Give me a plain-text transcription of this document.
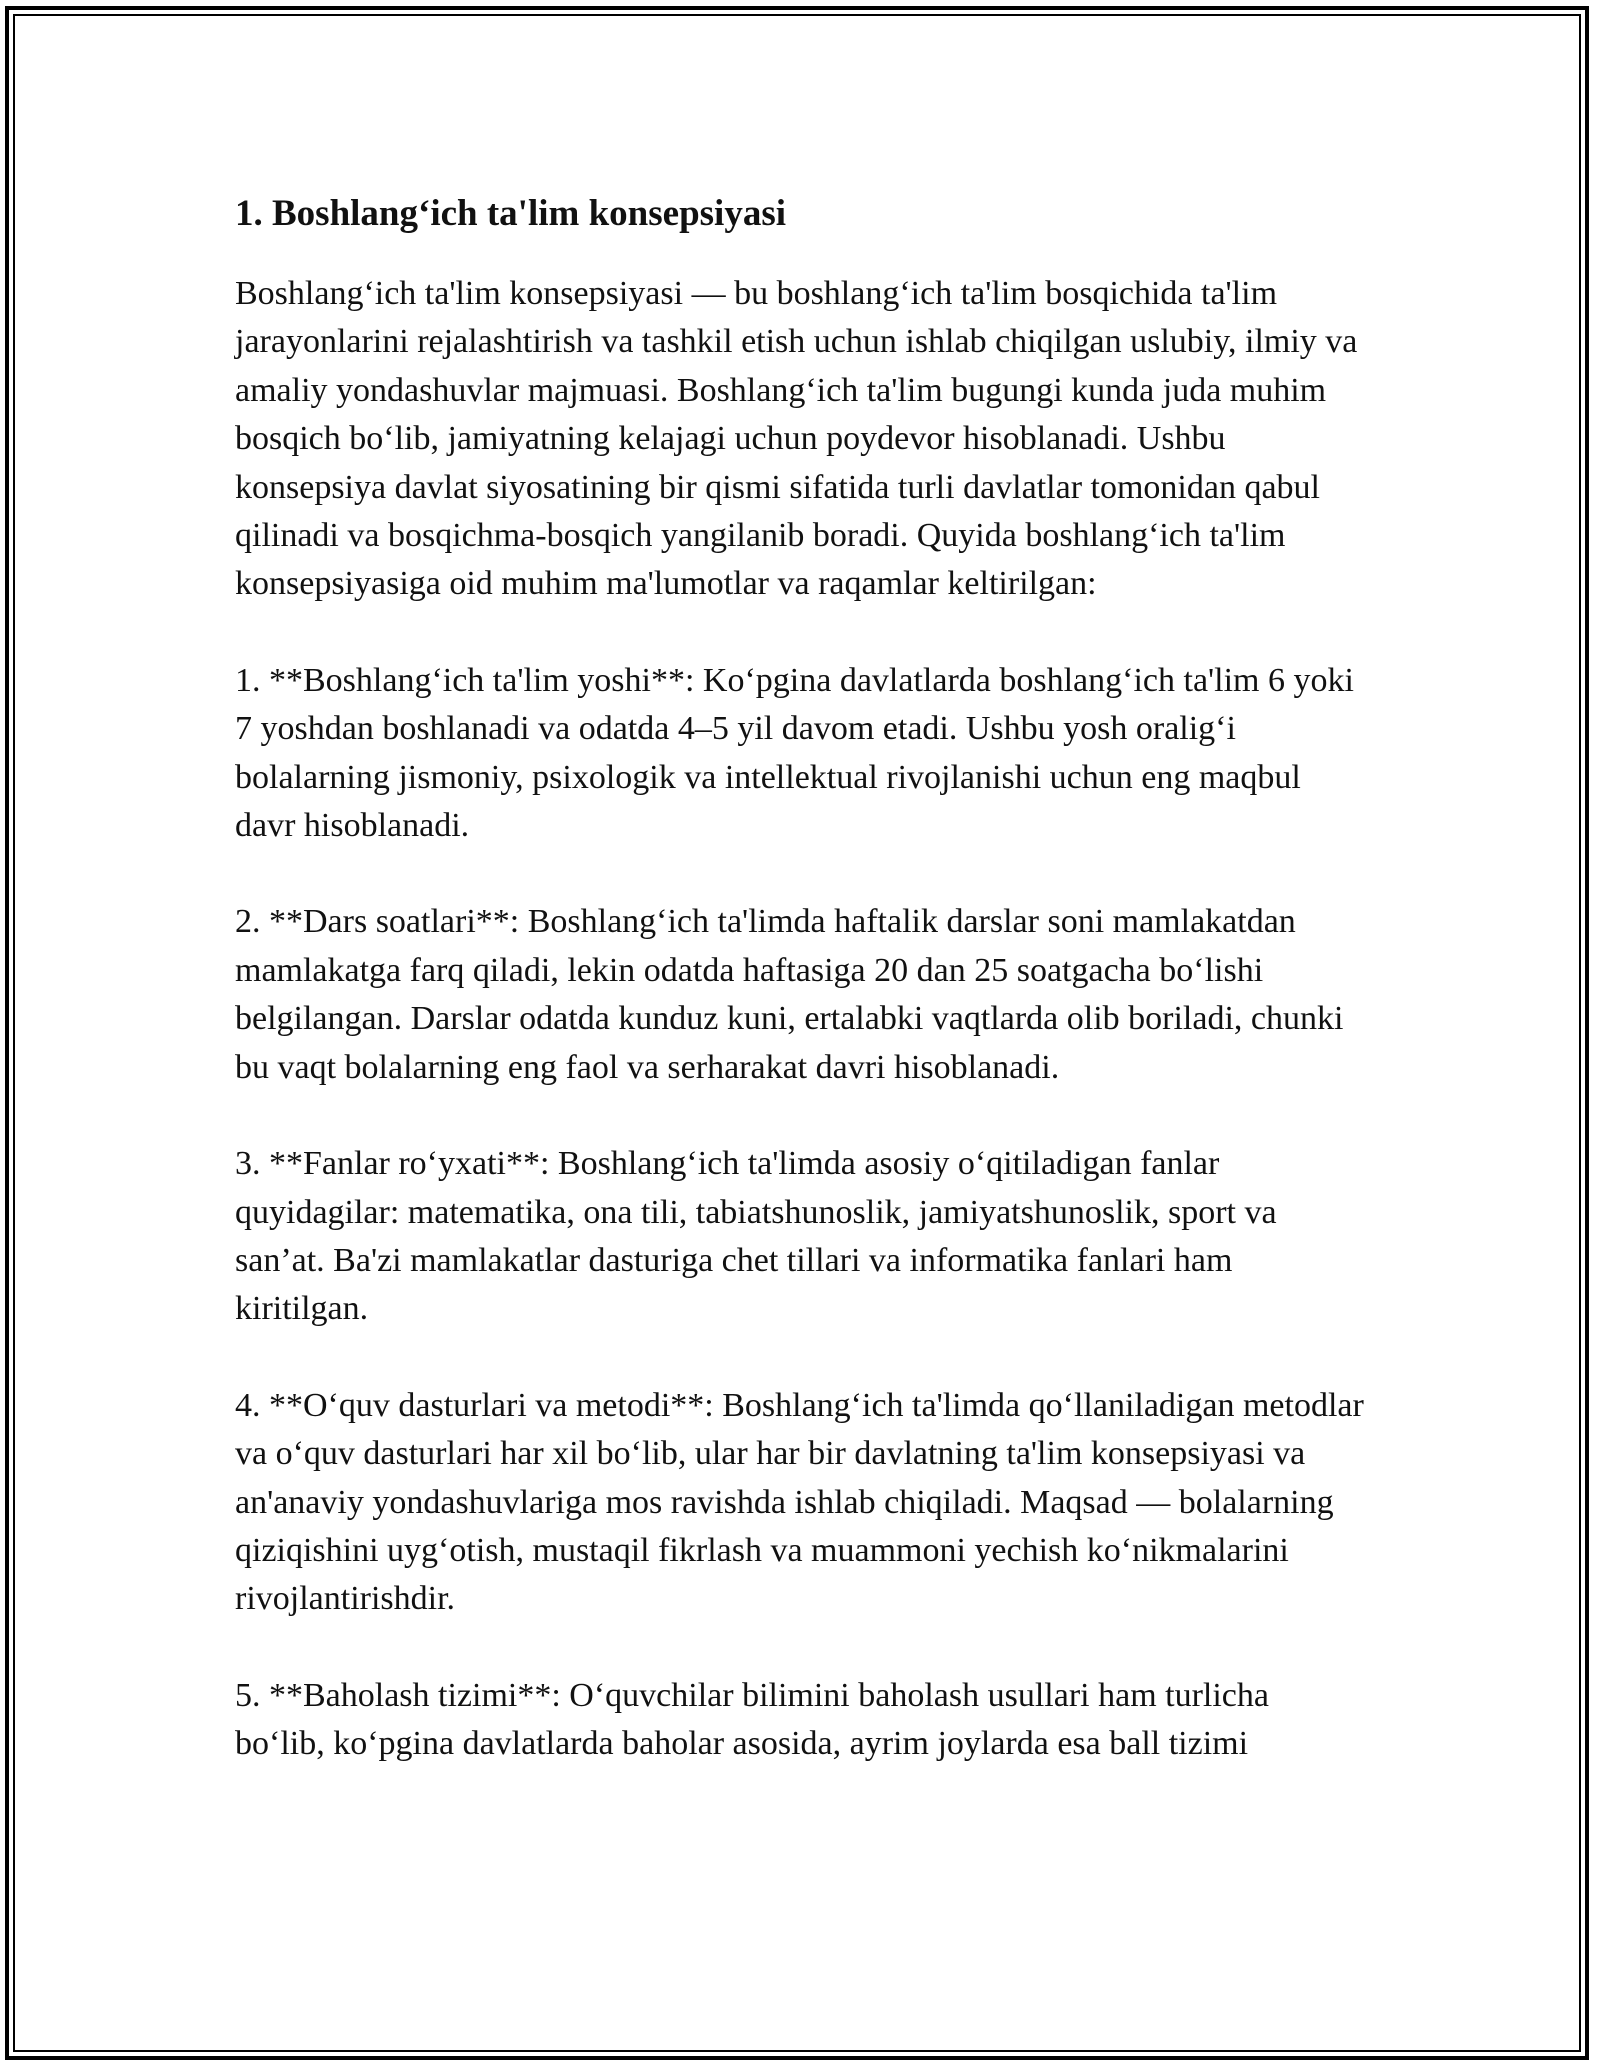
1. Boshlang‘ich ta'lim konsepsiyasi

Boshlang‘ich ta'lim konsepsiyasi — bu boshlang‘ich ta'lim bosqichida ta'lim jarayonlarini rejalashtirish va tashkil etish uchun ishlab chiqilgan uslubiy, ilmiy va amaliy yondashuvlar majmuasi. Boshlang‘ich ta'lim bugungi kunda juda muhim bosqich bo‘lib, jamiyatning kelajagi uchun poydevor hisoblanadi. Ushbu konsepsiya davlat siyosatining bir qismi sifatida turli davlatlar tomonidan qabul qilinadi va bosqichma-bosqich yangilanib boradi. Quyida boshlang‘ich ta'lim konsepsiyasiga oid muhim ma'lumotlar va raqamlar keltirilgan:

1. **Boshlang‘ich ta'lim yoshi**: Ko‘pgina davlatlarda boshlang‘ich ta'lim 6 yoki 7 yoshdan boshlanadi va odatda 4–5 yil davom etadi. Ushbu yosh oralig‘i bolalarning jismoniy, psixologik va intellektual rivojlanishi uchun eng maqbul davr hisoblanadi.

2. **Dars soatlari**: Boshlang‘ich ta'limda haftalik darslar soni mamlakatdan mamlakatga farq qiladi, lekin odatda haftasiga 20 dan 25 soatgacha bo‘lishi belgilangan. Darslar odatda kunduz kuni, ertalabki vaqtlarda olib boriladi, chunki bu vaqt bolalarning eng faol va serharakat davri hisoblanadi.

3. **Fanlar ro‘yxati**: Boshlang‘ich ta'limda asosiy o‘qitiladigan fanlar quyidagilar: matematika, ona tili, tabiatshunoslik, jamiyatshunoslik, sport va san’at. Ba'zi mamlakatlar dasturiga chet tillari va informatika fanlari ham kiritilgan.

4. **O‘quv dasturlari va metodi**: Boshlang‘ich ta'limda qo‘llaniladigan metodlar va o‘quv dasturlari har xil bo‘lib, ular har bir davlatning ta'lim konsepsiyasi va an'anaviy yondashuvlariga mos ravishda ishlab chiqiladi. Maqsad — bolalarning qiziqishini uyg‘otish, mustaqil fikrlash va muammoni yechish ko‘nikmalarini rivojlantirishdir.

5. **Baholash tizimi**: O‘quvchilar bilimini baholash usullari ham turlicha bo‘lib, ko‘pgina davlatlarda baholar asosida, ayrim joylarda esa ball tizimi
